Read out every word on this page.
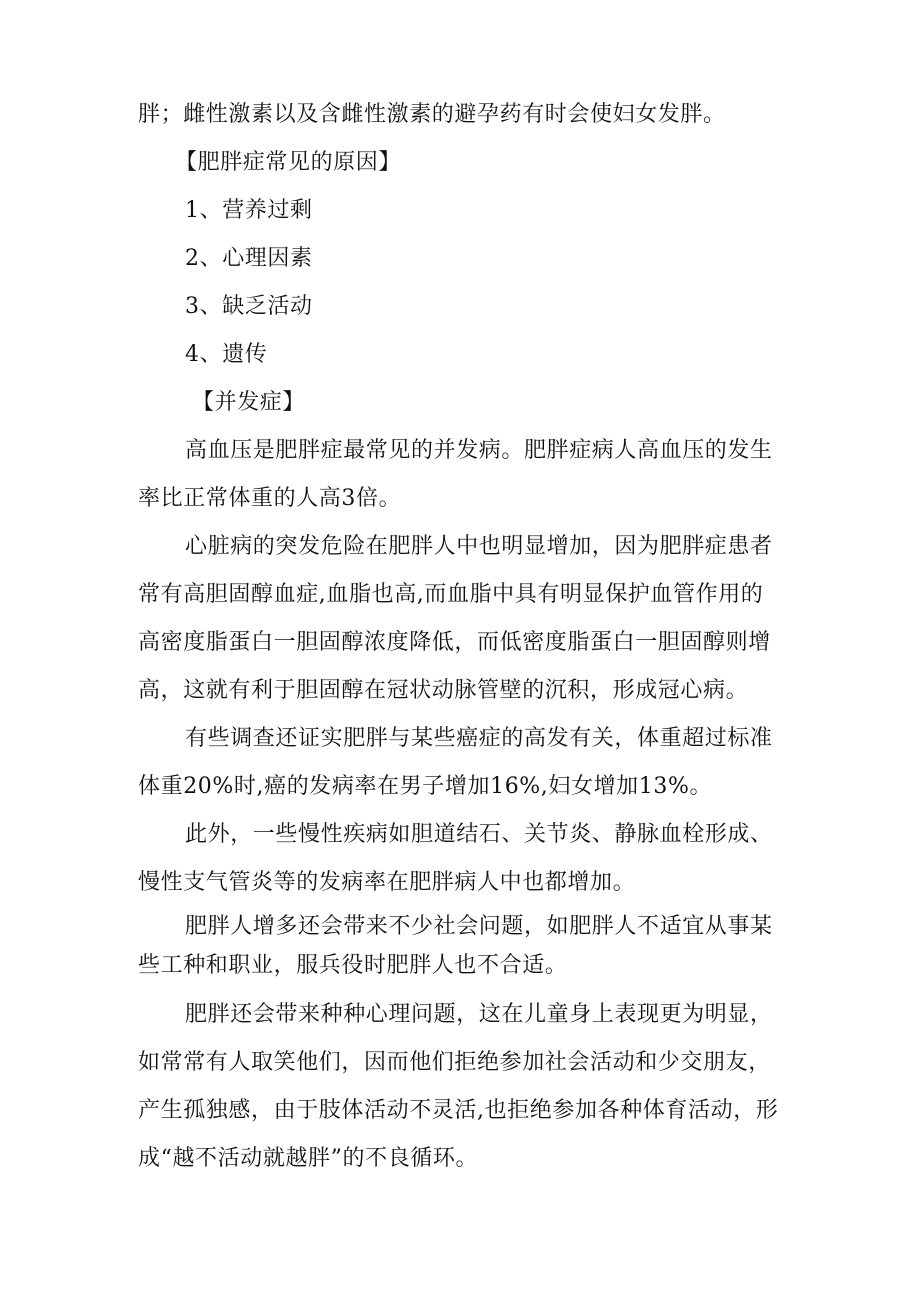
胖；雌性激素以及含雌性激素的避孕药有时会使妇女发胖。
【肥胖症常见的原因】
1、营养过剩
2、心理因素
3、缺乏活动
4、遗传
【并发症】
高血压是肥胖症最常见的并发病。肥胖症病人高血压的发生
率比正常体重的人高3倍。
心脏病的突发危险在肥胖人中也明显增加，因为肥胖症患者
常有高胆固醇血症,血脂也高,而血脂中具有明显保护血管作用的
高密度脂蛋白一胆固醇浓度降低，而低密度脂蛋白一胆固醇则增
高，这就有利于胆固醇在冠状动脉管壁的沉积，形成冠心病。
有些调查还证实肥胖与某些癌症的高发有关，体重超过标准
体重20%时,癌的发病率在男子增加16%,妇女增加13%。
此外，一些慢性疾病如胆道结石、关节炎、静脉血栓形成、
慢性支气管炎等的发病率在肥胖病人中也都增加。
肥胖人增多还会带来不少社会问题，如肥胖人不适宜从事某
些工种和职业，服兵役时肥胖人也不合适。
肥胖还会带来种种心理问题，这在儿童身上表现更为明显，
如常常有人取笑他们，因而他们拒绝参加社会活动和少交朋友，
产生孤独感，由于肢体活动不灵活,也拒绝参加各种体育活动，形
成“越不活动就越胖”的不良循环。
